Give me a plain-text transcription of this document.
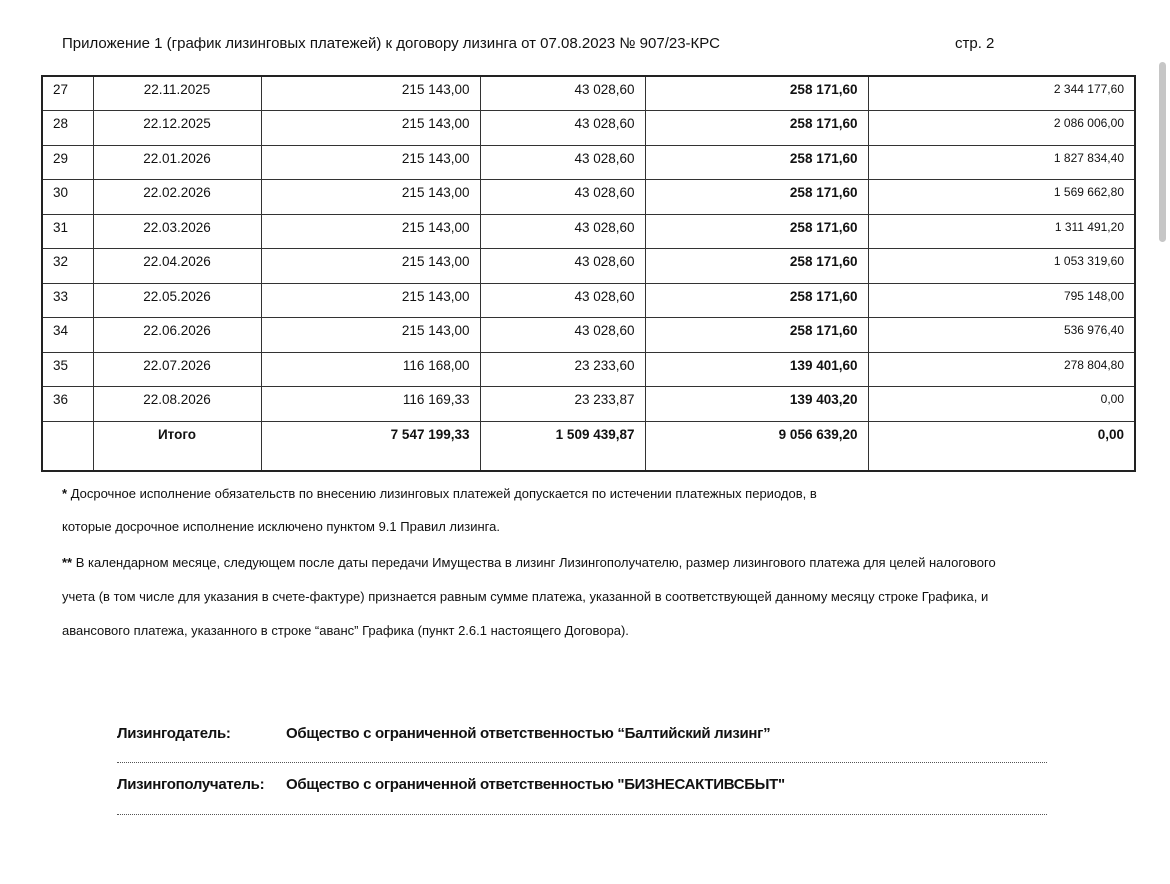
Приложение 1 (график лизинговых платежей) к договору лизинга от 07.08.2023 № 907/23-КРС	стр. 2
27	22.11.2025	215 143,00	43 028,60	258 171,60	2 344 177,60
28	22.12.2025	215 143,00	43 028,60	258 171,60	2 086 006,00
29	22.01.2026	215 143,00	43 028,60	258 171,60	1 827 834,40
30	22.02.2026	215 143,00	43 028,60	258 171,60	1 569 662,80
31	22.03.2026	215 143,00	43 028,60	258 171,60	1 311 491,20
32	22.04.2026	215 143,00	43 028,60	258 171,60	1 053 319,60
33	22.05.2026	215 143,00	43 028,60	258 171,60	795 148,00
34	22.06.2026	215 143,00	43 028,60	258 171,60	536 976,40
35	22.07.2026	116 168,00	23 233,60	139 401,60	278 804,80
36	22.08.2026	116 169,33	23 233,87	139 403,20	0,00
	Итого	7 547 199,33	1 509 439,87	9 056 639,20	0,00
* Досрочное исполнение обязательств по внесению лизинговых платежей допускается по истечении платежных периодов, в
которые досрочное исполнение исключено пунктом 9.1 Правил лизинга.
** В календарном месяце, следующем после даты передачи Имущества в лизинг Лизингополучателю, размер лизингового платежа для целей налогового
учета (в том числе для указания в счете-фактуре) признается равным сумме платежа, указанной в соответствующей данному месяцу строке Графика, и
авансового платежа, указанного в строке “аванс” Графика (пункт 2.6.1 настоящего Договора).
Лизингодатель:	Общество с ограниченной ответственностью “Балтийский лизинг”
Лизингополучатель: Общество с ограниченной ответственностью "БИЗНЕСАКТИВСБЫТ"
